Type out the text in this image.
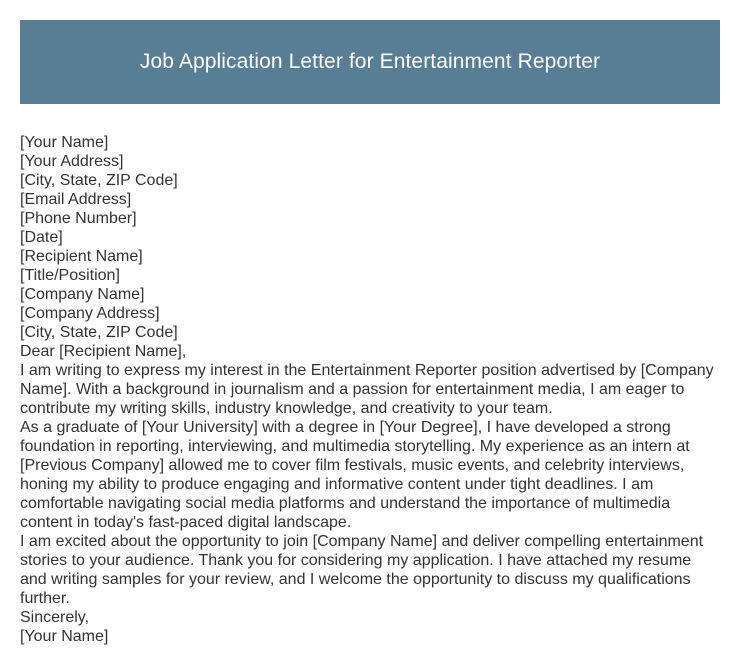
Job Application Letter for Entertainment Reporter
[Your Name]
[Your Address]
[City, State, ZIP Code]
[Email Address]
[Phone Number]
[Date]
[Recipient Name]
[Title/Position]
[Company Name]
[Company Address]
[City, State, ZIP Code]
Dear [Recipient Name],
I am writing to express my interest in the Entertainment Reporter position advertised by [Company Name]. With a background in journalism and a passion for entertainment media, I am eager to contribute my writing skills, industry knowledge, and creativity to your team.
As a graduate of [Your University] with a degree in [Your Degree], I have developed a strong foundation in reporting, interviewing, and multimedia storytelling. My experience as an intern at [Previous Company] allowed me to cover film festivals, music events, and celebrity interviews, honing my ability to produce engaging and informative content under tight deadlines. I am comfortable navigating social media platforms and understand the importance of multimedia content in today's fast-paced digital landscape.
I am excited about the opportunity to join [Company Name] and deliver compelling entertainment stories to your audience. Thank you for considering my application. I have attached my resume and writing samples for your review, and I welcome the opportunity to discuss my qualifications further.
Sincerely,
[Your Name]
